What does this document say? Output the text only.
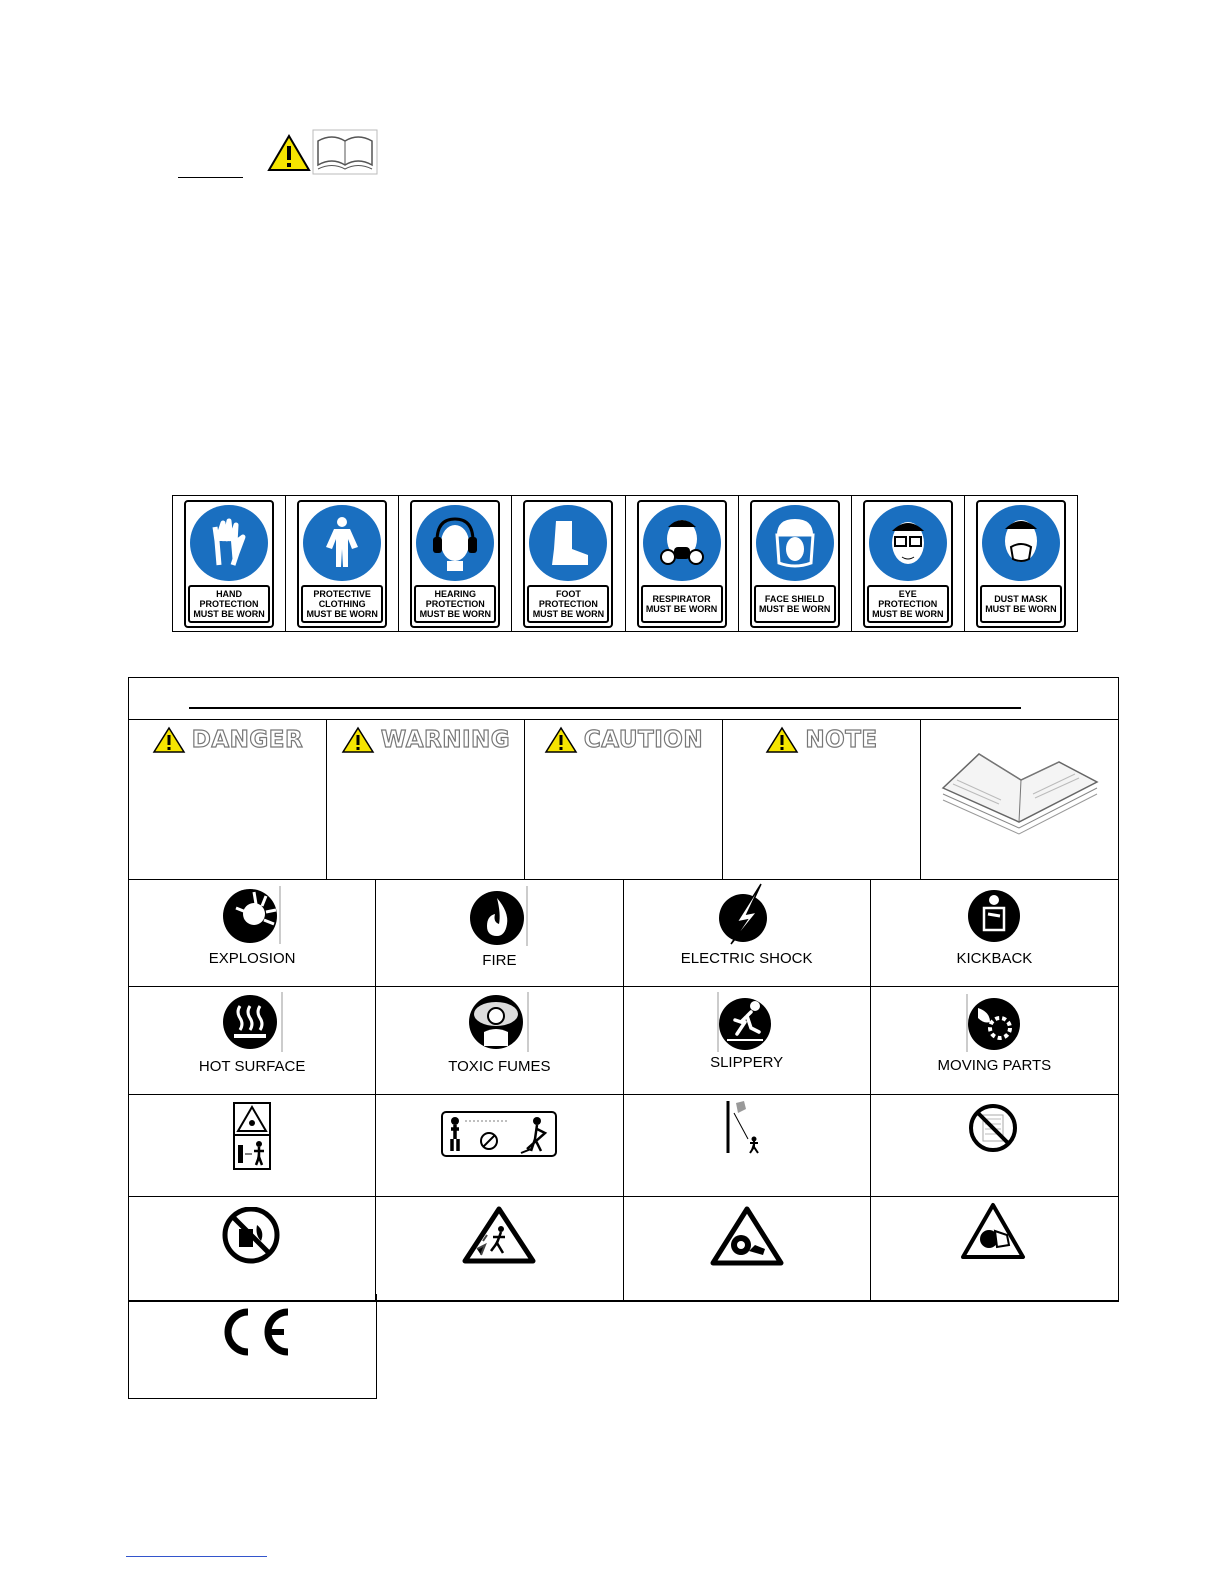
HAND
PROTECTION
MUST BE WORN
PROTECTIVE
CLOTHING
MUST BE WORN
HEARING
PROTECTION
MUST BE WORN
FOOT
PROTECTION
MUST BE WORN
RESPIRATOR
MUST BE WORN
FACE SHIELD
MUST BE WORN
EYE
PROTECTION
MUST BE WORN
DUST MASK
MUST BE WORN
DANGER	WARNING	CAUTION	NOTE
EXPLOSION	FIRE	ELECTRIC SHOCK	KICKBACK
HOT SURFACE	TOXIC FUMES	SLIPPERY	MOVING PARTS
